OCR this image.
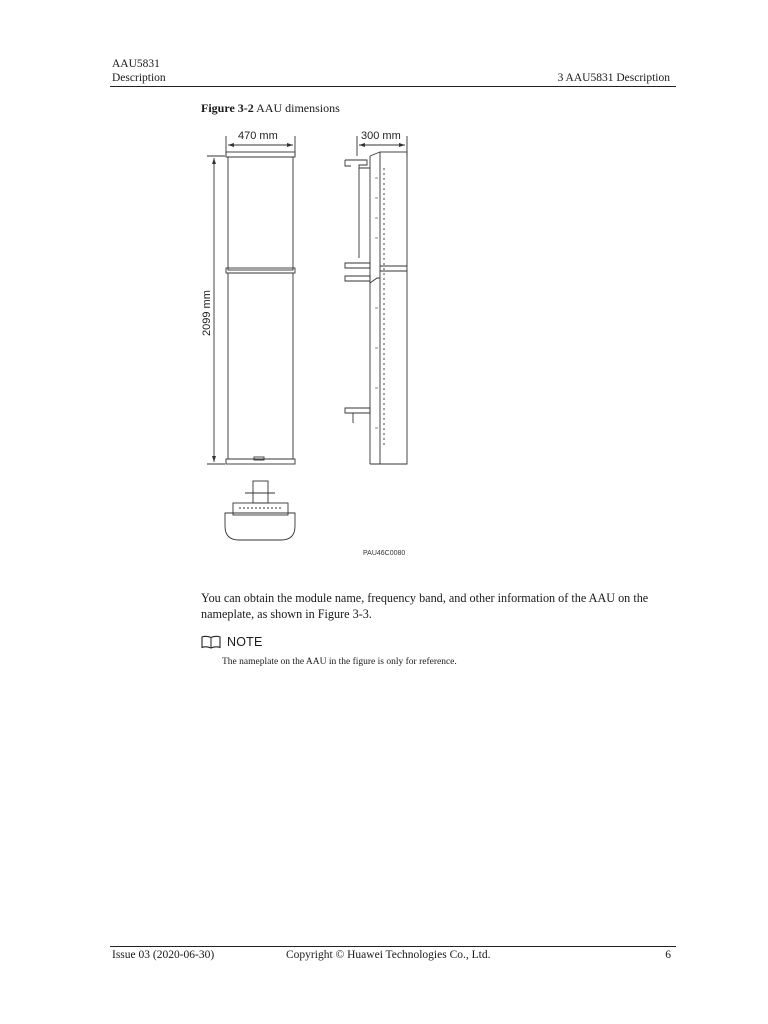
AAU5831
Description	3 AAU5831 Description
Figure 3-2 AAU dimensions
470 mm	300 mm
2099 mm
PAU46C0080
You can obtain the module name, frequency band, and other information of the AAU on the nameplate, as shown in Figure 3-3.
NOTE
The nameplate on the AAU in the figure is only for reference.
Issue 03 (2020-06-30)	Copyright © Huawei Technologies Co., Ltd.	6
